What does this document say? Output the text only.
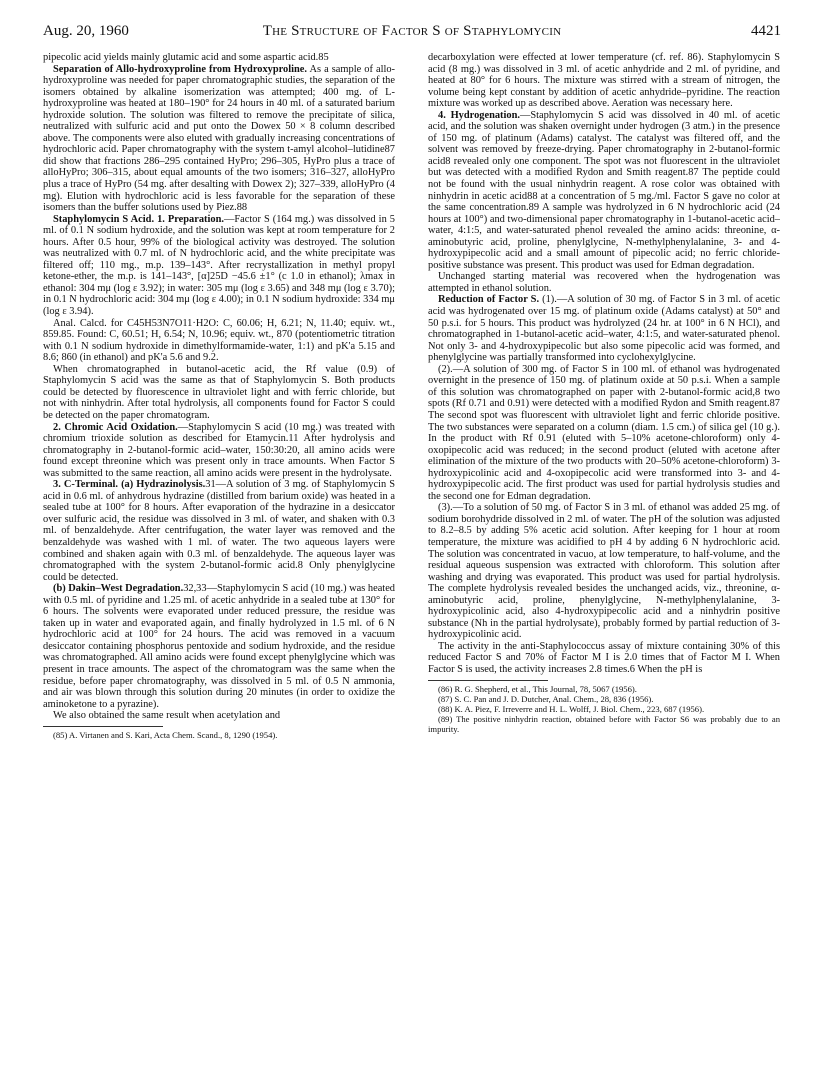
Aug. 20, 1960	The Structure of Factor S of Staphylomycin	4421

pipecolic acid yields mainly glutamic acid and some aspartic acid.85

Separation of Allo-hydroxyproline from Hydroxyproline. As a sample of allo-hydroxyproline was needed for paper chromatographic studies, the separation of the isomers obtained by alkaline isomerization was attempted; 400 mg. of L-hydroxyproline was heated at 180–190° for 24 hours in 40 ml. of a saturated barium hydroxide solution. The solution was filtered to remove the precipitate of silica, neutralized with sulfuric acid and put onto the Dowex 50 × 8 column described above. The components were also eluted with gradually increasing concentrations of hydrochloric acid. Paper chromatography with the system t-amyl alcohol–lutidine87 did show that fractions 286–295 contained HyPro; 296–305, HyPro plus a trace of alloHyPro; 306–315, about equal amounts of the two isomers; 316–327, alloHyPro plus a trace of HyPro (54 mg. after desalting with Dowex 2); 327–339, alloHyPro (4 mg). Elution with hydrochloric acid is less favorable for the separation of these isomers than the buffer solutions used by Piez.88

Staphylomycin S Acid. 1. Preparation.—Factor S (164 mg.) was dissolved in 5 ml. of 0.1 N sodium hydroxide, and the solution was kept at room temperature for 2 hours. After 0.5 hour, 99% of the biological activity was destroyed. The solution was neutralized with 0.7 ml. of N hydrochloric acid, and the white precipitate was filtered off; 110 mg., m.p. 139–143°. After recrystallization in methyl propyl ketone-ether, the m.p. is 141–143°, [α]25D −45.6 ±1° (c 1.0 in ethanol); λmax in ethanol: 304 mμ (log ε 3.92); in water: 305 mμ (log ε 3.65) and 348 mμ (log ε 3.70); in 0.1 N hydrochloric acid: 304 mμ (log ε 4.00); in 0.1 N sodium hydroxide: 334 mμ (log ε 3.94).

Anal. Calcd. for C45H53N7O11·H2O: C, 60.06; H, 6.21; N, 11.40; equiv. wt., 859.85. Found: C, 60.51; H, 6.54; N, 10.96; equiv. wt., 870 (potentiometric titration with 0.1 N sodium hydroxide in dimethylformamide-water, 1:1) and pK'a 5.15 and 8.6; 860 (in ethanol) and pK'a 5.6 and 9.2.

When chromatographed in butanol-acetic acid, the Rf value (0.9) of Staphylomycin S acid was the same as that of Staphylomycin S. Both products could be detected by fluorescence in ultraviolet light and with ferric chloride, but not with ninhydrin. After total hydrolysis, all components found for Factor S could be detected on the paper chromatogram.

2. Chromic Acid Oxidation.—Staphylomycin S acid (10 mg.) was treated with chromium trioxide solution as described for Etamycin.11 After hydrolysis and chromatography in 2-butanol-formic acid–water, 150:30:20, all amino acids were found except threonine which was present only in trace amounts. When Factor S was submitted to the same reaction, all amino acids were present in the hydrolysate.

3. C-Terminal. (a) Hydrazinolysis.31—A solution of 3 mg. of Staphylomycin S acid in 0.6 ml. of anhydrous hydrazine (distilled from barium oxide) was heated in a sealed tube at 100° for 8 hours. After evaporation of the hydrazine in a desiccator over sulfuric acid, the residue was dissolved in 3 ml. of water, and shaken with 0.3 ml. of benzaldehyde. After centrifugation, the water layer was removed and the benzaldehyde was washed with 1 ml. of water. The two aqueous layers were combined and shaken again with 0.3 ml. of benzaldehyde. The aqueous layer was chromatographed with the system 2-butanol-formic acid.8 Only phenylglycine could be detected.

(b) Dakin–West Degradation.32,33—Staphylomycin S acid (10 mg.) was heated with 0.5 ml. of pyridine and 1.25 ml. of acetic anhydride in a sealed tube at 130° for 6 hours. The solvents were evaporated under reduced pressure, the residue was taken up in water and evaporated again, and finally hydrolyzed in 1.5 ml. of 6 N hydrochloric acid at 100° for 24 hours. The acid was removed in a vacuum desiccator containing phosphorus pentoxide and sodium hydroxide, and the residue was chromatographed. All amino acids were found except phenylglycine which was present in trace amounts. The aspect of the chromatogram was the same when the residue, before paper chromatography, was dissolved in 5 ml. of 0.5 N ammonia, and air was blown through this solution during 20 minutes (in order to oxidize the aminoketone to a pyrazine).

We also obtained the same result when acetylation and

(85) A. Virtanen and S. Kari, Acta Chem. Scand., 8, 1290 (1954).

decarboxylation were effected at lower temperature (cf. ref. 86). Staphylomycin S acid (8 mg.) was dissolved in 3 ml. of acetic anhydride and 2 ml. of pyridine, and heated at 80° for 6 hours. The mixture was stirred with a stream of nitrogen, the volume being kept constant by addition of acetic anhydride–pyridine. The reaction mixture was worked up as described above. Aeration was necessary here.

4. Hydrogenation.—Staphylomycin S acid was dissolved in 40 ml. of acetic acid, and the solution was shaken overnight under hydrogen (3 atm.) in the presence of 150 mg. of platinum (Adams) catalyst. The catalyst was filtered off, and the solvent was removed by freeze-drying. Paper chromatography in 2-butanol-formic acid8 revealed only one component. The spot was not fluorescent in the ultraviolet but was detected with a modified Rydon and Smith reagent.87 The peptide could not be found with the usual ninhydrin reagent. A rose color was obtained with ninhydrin in acetic acid88 at a concentration of 5 mg./ml. Factor S gave no color at the same concentration.89 A sample was hydrolyzed in 6 N hydrochloric acid (24 hours at 100°) and two-dimensional paper chromatography in 1-butanol-acetic acid–water, 4:1:5, and water-saturated phenol revealed the amino acids: threonine, α-aminobutyric acid, proline, phenylglycine, N-methylphenylalanine, 3- and 4-hydroxypipecolic acid and a small amount of pipecolic acid; no ferric chloride-positive substance was present. This product was used for Edman degradation.

Unchanged starting material was recovered when the hydrogenation was attempted in ethanol solution.

Reduction of Factor S. (1).—A solution of 30 mg. of Factor S in 3 ml. of acetic acid was hydrogenated over 15 mg. of platinum oxide (Adams catalyst) at 50° and 50 p.s.i. for 5 hours. This product was hydrolyzed (24 hr. at 100° in 6 N HCl), and chromatographed in 1-butanol-acetic acid–water, 4:1:5, and water-saturated phenol. Not only 3- and 4-hydroxypipecolic but also some pipecolic acid was formed, and phenylglycine was partially transformed into cyclohexylglycine.

(2).—A solution of 300 mg. of Factor S in 100 ml. of ethanol was hydrogenated overnight in the presence of 150 mg. of platinum oxide at 50 p.s.i. When a sample of this solution was chromatographed on paper with 2-butanol-formic acid,8 two spots (Rf 0.71 and 0.91) were detected with a modified Rydon and Smith reagent.87 The second spot was fluorescent with ultraviolet light and ferric chloride positive. The two substances were separated on a column (diam. 1.5 cm.) of silica gel (10 g.). In the product with Rf 0.91 (eluted with 5–10% acetone-chloroform) only 4-oxopipecolic acid was reduced; in the second product (eluted with acetone after elimination of the mixture of the two products with 20–50% acetone-chloroform) 3-hydroxypicolinic acid and 4-oxopipecolic acid were transformed into 3- and 4-hydroxypipecolic acid. The first product was used for partial hydrolysis studies and the second one for Edman degradation.

(3).—To a solution of 50 mg. of Factor S in 3 ml. of ethanol was added 25 mg. of sodium borohydride dissolved in 2 ml. of water. The pH of the solution was adjusted to 8.2–8.5 by adding 5% acetic acid solution. After keeping for 1 hour at room temperature, the mixture was acidified to pH 4 by adding 6 N hydrochloric acid. The solution was concentrated in vacuo, at low temperature, to half-volume, and the residual aqueous suspension was extracted with chloroform. This solution after washing and drying was evaporated. This product was used for partial hydrolysis. The complete hydrolysis revealed besides the unchanged acids, viz., threonine, α-aminobutyric acid, proline, phenylglycine, N-methylphenylalanine, 3-hydroxypicolinic acid, also 4-hydroxypipecolic acid and a ninhydrin positive substance (Nh in the partial hydrolysate), probably formed by partial reduction of 3-hydroxypicolinic acid.

The activity in the anti-Staphylococcus assay of mixture containing 30% of this reduced Factor S and 70% of Factor M I is 2.0 times that of Factor M I. When Factor S is used, the activity increases 2.8 times.6 When the pH is

(86) R. G. Shepherd, et al., This Journal, 78, 5067 (1956).

(87) S. C. Pan and J. D. Dutcher, Anal. Chem., 28, 836 (1956).

(88) K. A. Piez, F. Irreverre and H. L. Wolff, J. Biol. Chem., 223, 687 (1956).

(89) The positive ninhydrin reaction, obtained before with Factor S6 was probably due to an impurity.
